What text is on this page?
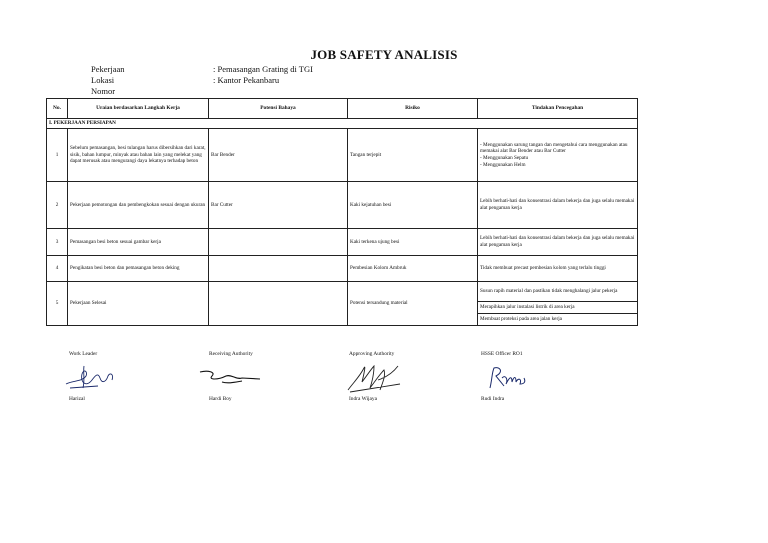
JOB SAFETY ANALISIS
Pekerjaan	: Pemasangan Grating di TGI
Lokasi	: Kantor Pekanbaru
Nomor
No.	Uraian berdasarkan Langkah Kerja	Potensi Bahaya	Risiko	Tindakan Pencegahan
I. PEKERJAAN PERSIAPAN				
1	Sebelum pemasangan, besi tulangan harus dibersihkan dari karat, sisik, bahan lumpur, minyak atau bahan lain yang melekat yang dapat merusak atau mengurangi daya lekatnya terhadap beton	Bar Bender	Tangan terjepit	- Menggunakan sarung tangan dan mengetahui cara menggunakan atau memakai alat Bar Bender atau Bar Cutter
- Menggunakan Sepatu
- Menggunakan Helm
2	Pekerjaan pemotongan dan pembengkokan sesuai dengan ukuran	Bar Cutter	Kaki kejatuhan besi	Lebih berhati-hati dan konsentrasi dalam bekerja dan juga selalu memakai alat pengaman kerja
3	Pemasangan besi beton sesuai gambar kerja		Kaki terkena ujung besi	Lebih berhati-hati dan konsentrasi dalam bekerja dan juga selalu memakai alat pengaman kerja
4	Pengikatan besi beton dan pemasangan beton deking		Pembesian Kolom Ambruk	Tidak membuat precast pembesian kolom yang terlalu tinggi
5	Pekerjaan Selesai		Potensi tersandung material	Susun rapih material dan pastikan tidak menghalangi jalur pekerja
				Merapihkan jalur instalasi listrik di area kerja
				Membuat proteksi pada area jalan kerja
Work Leader	Receiving Authority	Approving Authority	HSSE Officer RO1
Harizal	Hardi Boy	Indra Wijaya	Rudi Indra
